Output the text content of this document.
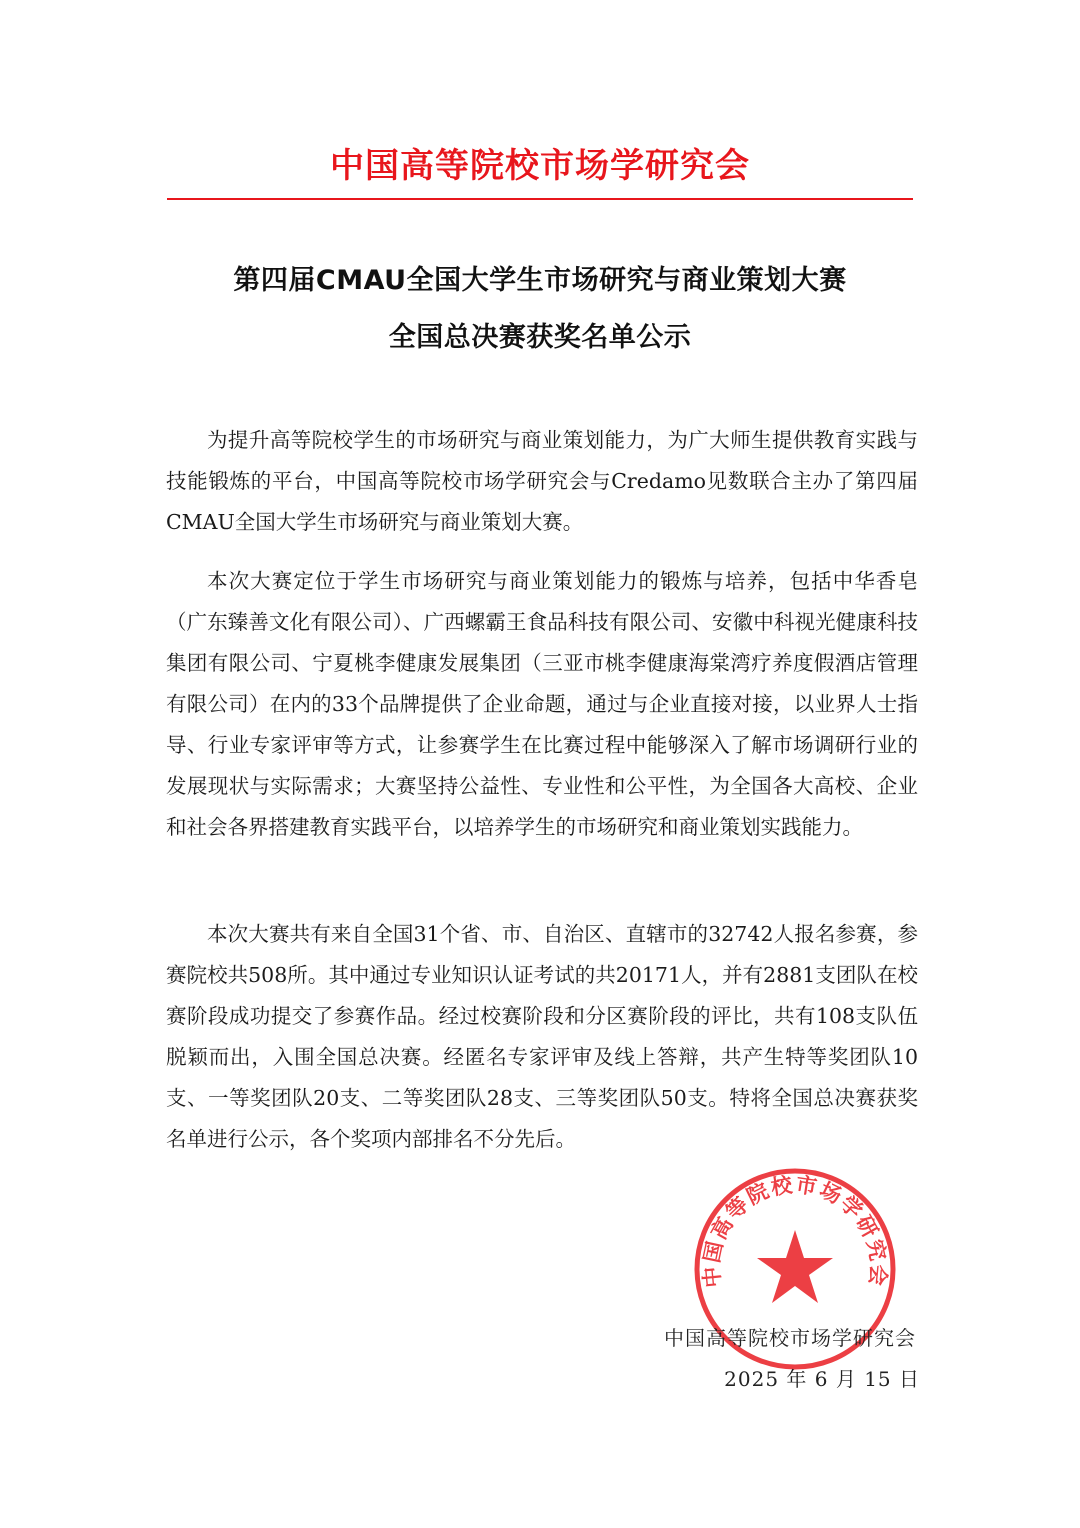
中国高等院校市场学研究会
第四届CMAU全国大学生市场研究与商业策划大赛
全国总决赛获奖名单公示

为提升高等院校学生的市场研究与商业策划能力，为广大师生提供教育实践与技能锻炼的平台，中国高等院校市场学研究会与Credamo见数联合主办了第四届CMAU全国大学生市场研究与商业策划大赛。

本次大赛定位于学生市场研究与商业策划能力的锻炼与培养，包括中华香皂（广东臻善文化有限公司）、广西螺霸王食品科技有限公司、安徽中科视光健康科技集团有限公司、宁夏桃李健康发展集团（三亚市桃李健康海棠湾疗养度假酒店管理有限公司）在内的33个品牌提供了企业命题，通过与企业直接对接，以业界人士指导、行业专家评审等方式，让参赛学生在比赛过程中能够深入了解市场调研行业的发展现状与实际需求；大赛坚持公益性、专业性和公平性，为全国各大高校、企业和社会各界搭建教育实践平台，以培养学生的市场研究和商业策划实践能力。

本次大赛共有来自全国31个省、市、自治区、直辖市的32742人报名参赛，参赛院校共508所。其中通过专业知识认证考试的共20171人，并有2881支团队在校赛阶段成功提交了参赛作品。经过校赛阶段和分区赛阶段的评比，共有108支队伍脱颖而出，入围全国总决赛。经匿名专家评审及线上答辩，共产生特等奖团队10支、一等奖团队20支、二等奖团队28支、三等奖团队50支。特将全国总决赛获奖名单进行公示，各个奖项内部排名不分先后。

中国高等院校市场学研究会
中国高等院校市场学研究会
2025 年 6 月 15 日
